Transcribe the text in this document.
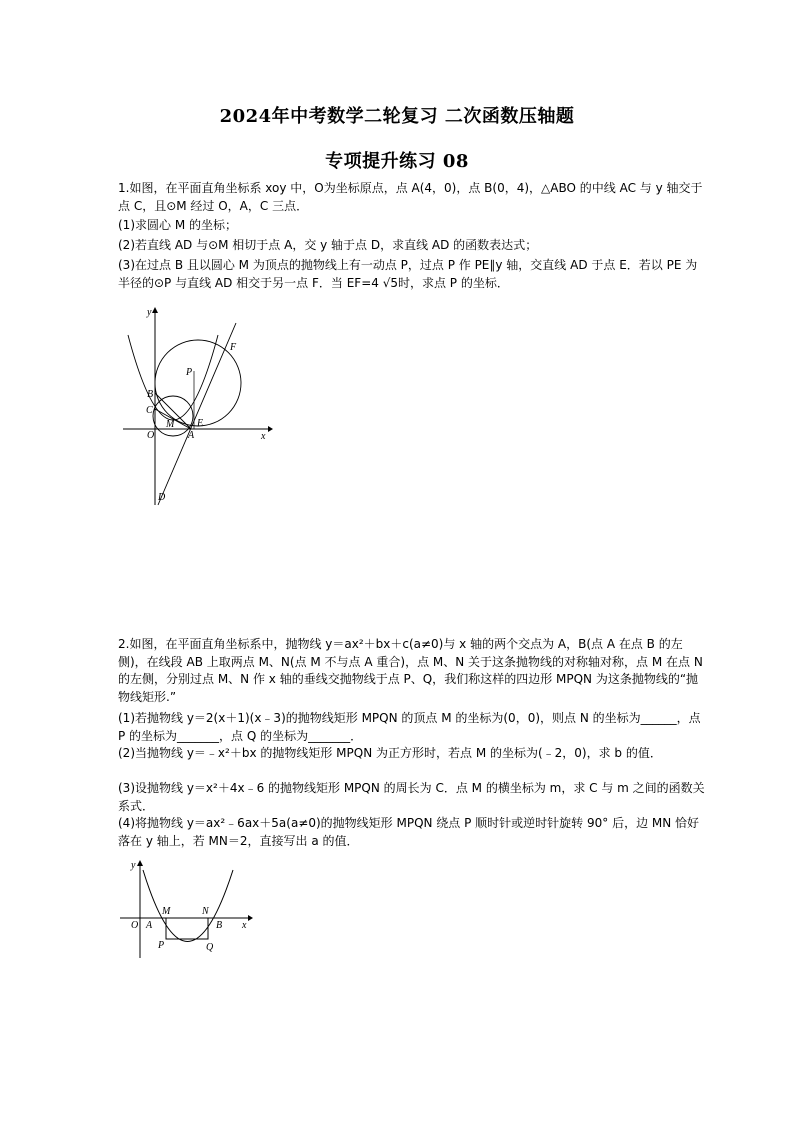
2024年中考数学二轮复习 二次函数压轴题
专项提升练习 08

1.如图，在平面直角坐标系 xoy 中，O为坐标原点，点 A(4，0)，点 B(0，4)，△ABO 的中线 AC 与 y 轴交于点 C，且⊙M 经过 O，A，C 三点．

(1)求圆心 M 的坐标；

(2)若直线 AD 与⊙M 相切于点 A，交 y 轴于点 D，求直线 AD 的函数表达式；

(3)在过点 B 且以圆心 M 为顶点的抛物线上有一动点 P，过点 P 作 PE∥y 轴，交直线 AD 于点 E．若以 PE 为半径的⊙P 与直线 AD 相交于另一点 F．当 EF=4 √5时，求点 P 的坐标．

y
x
O
M
A
E
B
C
P
F
D

2.如图，在平面直角坐标系中，抛物线 y＝ax²＋bx＋c(a≠0)与 x 轴的两个交点为 A，B(点 A 在点 B 的左侧)，在线段 AB 上取两点 M、N(点 M 不与点 A 重合)，点 M、N 关于这条抛物线的对称轴对称，点 M 在点 N 的左侧，分别过点 M、N 作 x 轴的垂线交抛物线于点 P、Q，我们称这样的四边形 MPQN 为这条抛物线的“抛物线矩形.”

(1)若抛物线 y＝2(x＋1)(x﹣3)的抛物线矩形 MPQN 的顶点 M 的坐标为(0，0)，则点 N 的坐标为______，点 P 的坐标为_______，点 Q 的坐标为_______．

(2)当抛物线 y＝﹣x²＋bx 的抛物线矩形 MPQN 为正方形时，若点 M 的坐标为(﹣2，0)，求 b 的值．

(3)设抛物线 y＝x²＋4x﹣6 的抛物线矩形 MPQN 的周长为 C．点 M 的横坐标为 m，求 C 与 m 之间的函数关系式．

(4)将抛物线 y＝ax²﹣6ax＋5a(a≠0)的抛物线矩形 MPQN 绕点 P 顺时针或逆时针旋转 90° 后，边 MN 恰好落在 y 轴上，若 MN＝2，直接写出 a 的值．

y
x
O A
M	N
B
P	Q
